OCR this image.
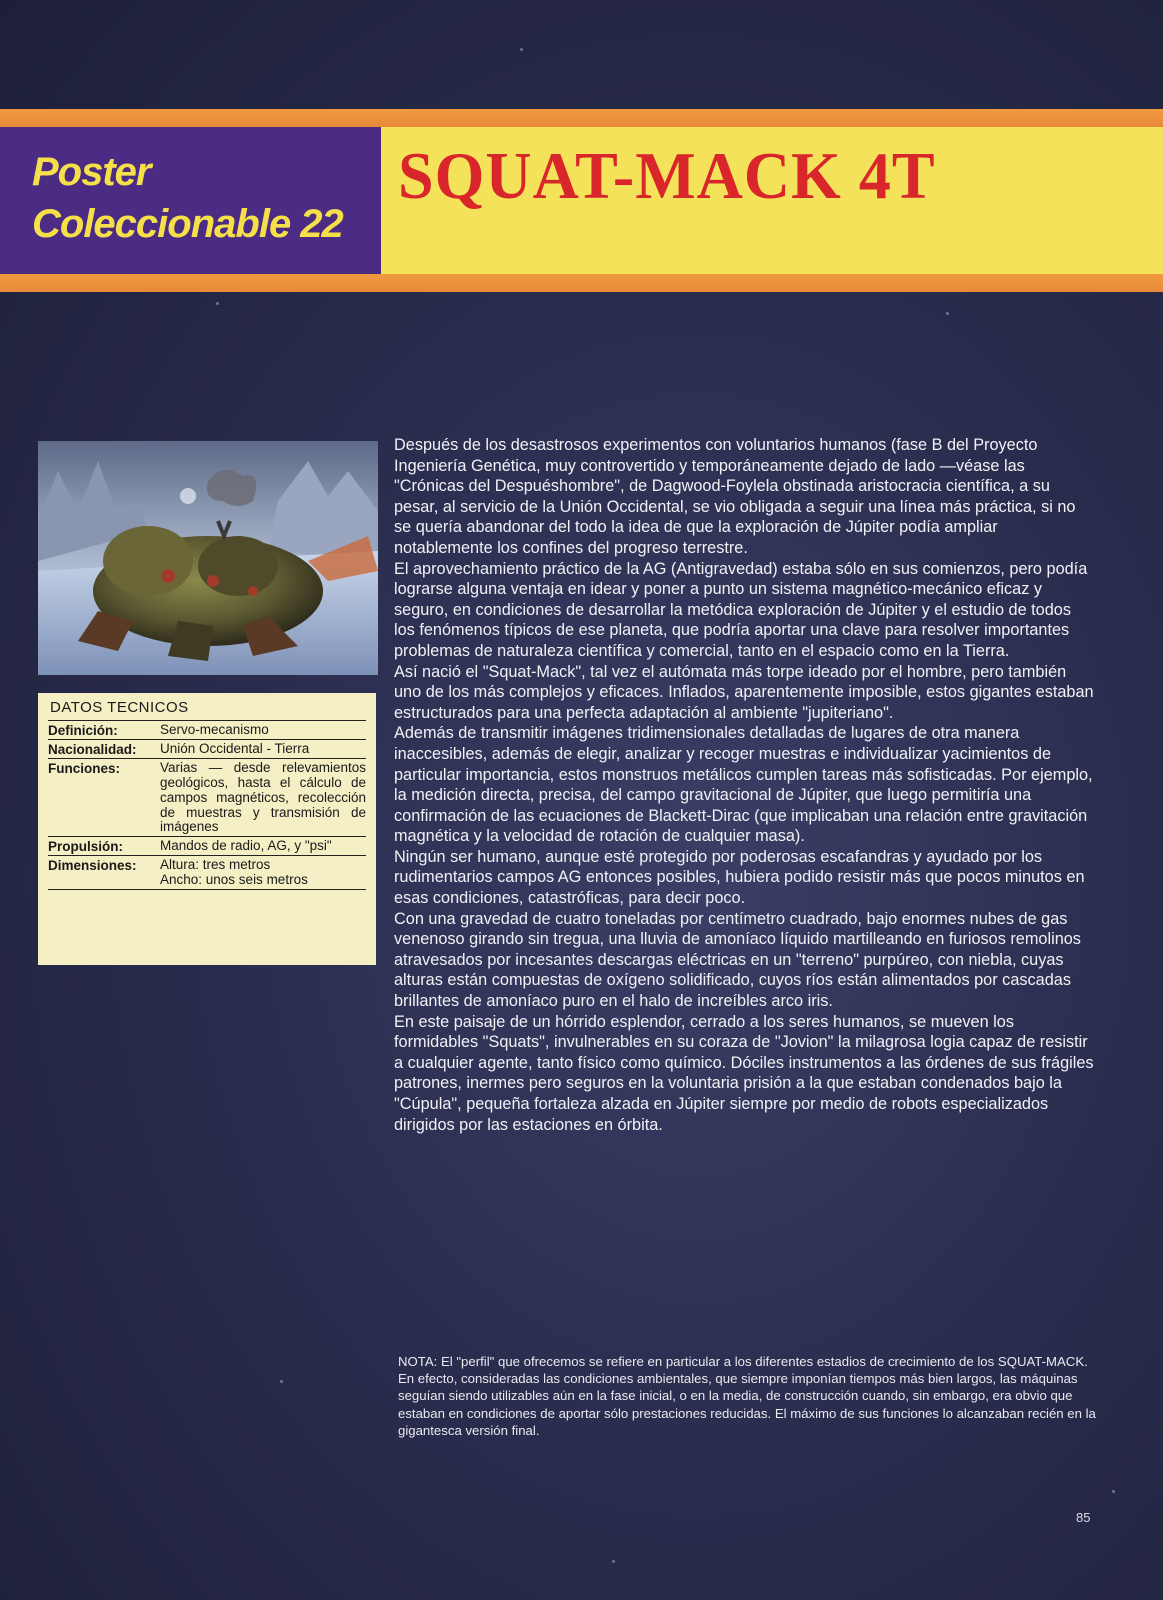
Poster
Coleccionable 22
SQUAT-MACK 4T
DATOS TECNICOS
Definición:	Servo-mecanismo
Nacionalidad:	Unión Occidental - Tierra
Funciones:	Varias — desde relevamientos geológicos, hasta el cálculo de campos magnéticos, recolección de muestras y transmisión de imágenes
Propulsión:	Mandos de radio, AG, y "psi"
Dimensiones:	Altura: tres metros
Ancho: unos seis metros

Después de los desastrosos experimentos con voluntarios humanos (fase B del Proyecto Ingeniería Genética, muy controvertido y temporáneamente dejado de lado —véase las "Crónicas del Despuéshombre", de Dagwood-Foylela obstinada aristocracia científica, a su pesar, al servicio de la Unión Occidental, se vio obligada a seguir una línea más práctica, si no se quería abandonar del todo la idea de que la exploración de Júpiter podía ampliar notablemente los confines del progreso terrestre.

El aprovechamiento práctico de la AG (Antigravedad) estaba sólo en sus comienzos, pero podía lograrse alguna ventaja en idear y poner a punto un sistema magnético-mecánico eficaz y seguro, en condiciones de desarrollar la metódica exploración de Júpiter y el estudio de todos los fenómenos típicos de ese planeta, que podría aportar una clave para resolver importantes problemas de naturaleza científica y comercial, tanto en el espacio como en la Tierra.

Así nació el "Squat-Mack", tal vez el autómata más torpe ideado por el hombre, pero también uno de los más complejos y eficaces. Inflados, aparentemente imposible, estos gigantes estaban estructurados para una perfecta adaptación al ambiente "jupiteriano".

Además de transmitir imágenes tridimensionales detalladas de lugares de otra manera inaccesibles, además de elegir, analizar y recoger muestras e individualizar yacimientos de particular importancia, estos monstruos metálicos cumplen tareas más sofisticadas. Por ejemplo, la medición directa, precisa, del campo gravitacional de Júpiter, que luego permitiría una confirmación de las ecuaciones de Blackett-Dirac (que implicaban una relación entre gravitación magnética y la velocidad de rotación de cualquier masa).

Ningún ser humano, aunque esté protegido por poderosas escafandras y ayudado por los rudimentarios campos AG entonces posibles, hubiera podido resistir más que pocos minutos en esas condiciones, catastróficas, para decir poco.

Con una gravedad de cuatro toneladas por centímetro cuadrado, bajo enormes nubes de gas venenoso girando sin tregua, una lluvia de amoníaco líquido martilleando en furiosos remolinos atravesados por incesantes descargas eléctricas en un "terreno" purpúreo, con niebla, cuyas alturas están compuestas de oxígeno solidificado, cuyos ríos están alimentados por cascadas brillantes de amoníaco puro en el halo de increíbles arco iris.

En este paisaje de un hórrido esplendor, cerrado a los seres humanos, se mueven los formidables "Squats", invulnerables en su coraza de "Jovion" la milagrosa logia capaz de resistir a cualquier agente, tanto físico como químico. Dóciles instrumentos a las órdenes de sus frágiles patrones, inermes pero seguros en la voluntaria prisión a la que estaban condenados bajo la "Cúpula", pequeña fortaleza alzada en Júpiter siempre por medio de robots especializados dirigidos por las estaciones en órbita.

NOTA: El "perfil" que ofrecemos se refiere en particular a los diferentes estadios de crecimiento de los SQUAT-MACK. En efecto, consideradas las condiciones ambientales, que siempre imponían tiempos más bien largos, las máquinas seguían siendo utilizables aún en la fase inicial, o en la media, de construcción cuando, sin embargo, era obvio que estaban en condiciones de aportar sólo prestaciones reducidas. El máximo de sus funciones lo alcanzaban recién en la gigantesca versión final.
85
